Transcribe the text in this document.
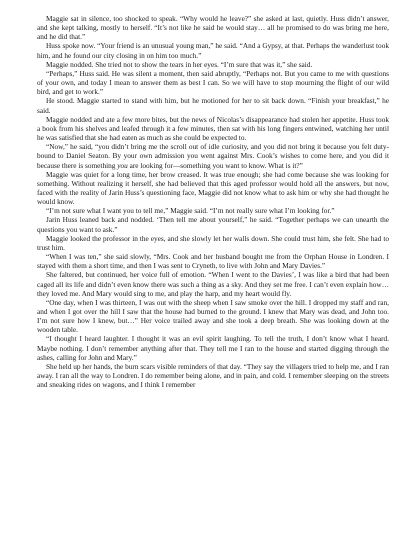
Maggie sat in silence, too shocked to speak. “Why would he leave?” she asked at last, quietly. Huss didn’t answer, and she kept talking, mostly to herself. “It’s not like he said he would stay… all he promised to do was bring me here, and he did that.”

Huss spoke now. “Your friend is an unusual young man,” he said. “And a Gypsy, at that. Perhaps the wanderlust took him, and he found our city closing in on him too much.”

Maggie nodded. She tried not to show the tears in her eyes. “I’m sure that was it,” she said.

“Perhaps,” Huss said. He was silent a moment, then said abruptly, “Perhaps not. But you came to me with questions of your own, and today I mean to answer them as best I can. So we will have to stop mourning the flight of our wild bird, and get to work.”

He stood. Maggie started to stand with him, but he motioned for her to sit back down. “Finish your breakfast,” he said.

Maggie nodded and ate a few more bites, but the news of Nicolas’s disappearance had stolen her appetite. Huss took a book from his shelves and leafed through it a few minutes, then sat with his long fingers entwined, watching her until he was satisfied that she had eaten as much as she could be expected to.

“Now,” he said, “you didn’t bring me the scroll out of idle curiosity, and you did not bring it because you felt duty-bound to Daniel Seaton. By your own admission you went against Mrs. Cook’s wishes to come here, and you did it because there is something you are looking for—something you want to know. What is it?”

Maggie was quiet for a long time, her brow creased. It was true enough; she had come because she was looking for something. Without realizing it herself, she had believed that this aged professor would hold all the answers, but now, faced with the reality of Jarin Huss’s questioning face, Maggie did not know what to ask him or why she had thought he would know.

“I’m not sure what I want you to tell me,” Maggie said. “I’m not really sure what I’m looking for.”

Jarin Huss leaned back and nodded. ‘Then tell me about yourself,” he said. “Together perhaps we can unearth the questions you want to ask.”

Maggie looked the professor in the eyes, and she slowly let her walls down. She could trust him, she felt. She had to trust him.

“When I was ten,” she said slowly, “Mrs. Cook and her husband bought me from the Orphan House in Londren. I stayed with them a short time, and then I was sent to Cryneth, to live with John and Mary Davies.”

She faltered, but continued, her voice full of emotion. “When I went to the Davies’, I was like a bird that had been caged all its life and didn’t even know there was such a thing as a sky. And they set me free. I can’t even explain how… they loved me. And Mary would sing to me, and play the harp, and my heart would fly.

“One day, when I was thirteen, I was out with the sheep when I saw smoke over the hill. I dropped my staff and ran, and when I got over the hill I saw that the house had burned to the ground. I knew that Mary was dead, and John too. I’m not sure how I knew, but…” Her voice trailed away and she took a deep breath. She was looking down at the wooden table.

“I thought I heard laughter. I thought it was an evil spirit laughing. To tell the truth, I don’t know what I heard. Maybe nothing. I don’t remember anything after that. They tell me I ran to the house and started digging through the ashes, calling for John and Mary.”

She held up her hands, the burn scars visible reminders of that day. “They say the villagers tried to help me, and I ran away. I ran all the way to Londren. I do remember being alone, and in pain, and cold. I remember sleeping on the streets and sneaking rides on wagons, and I think I remember
